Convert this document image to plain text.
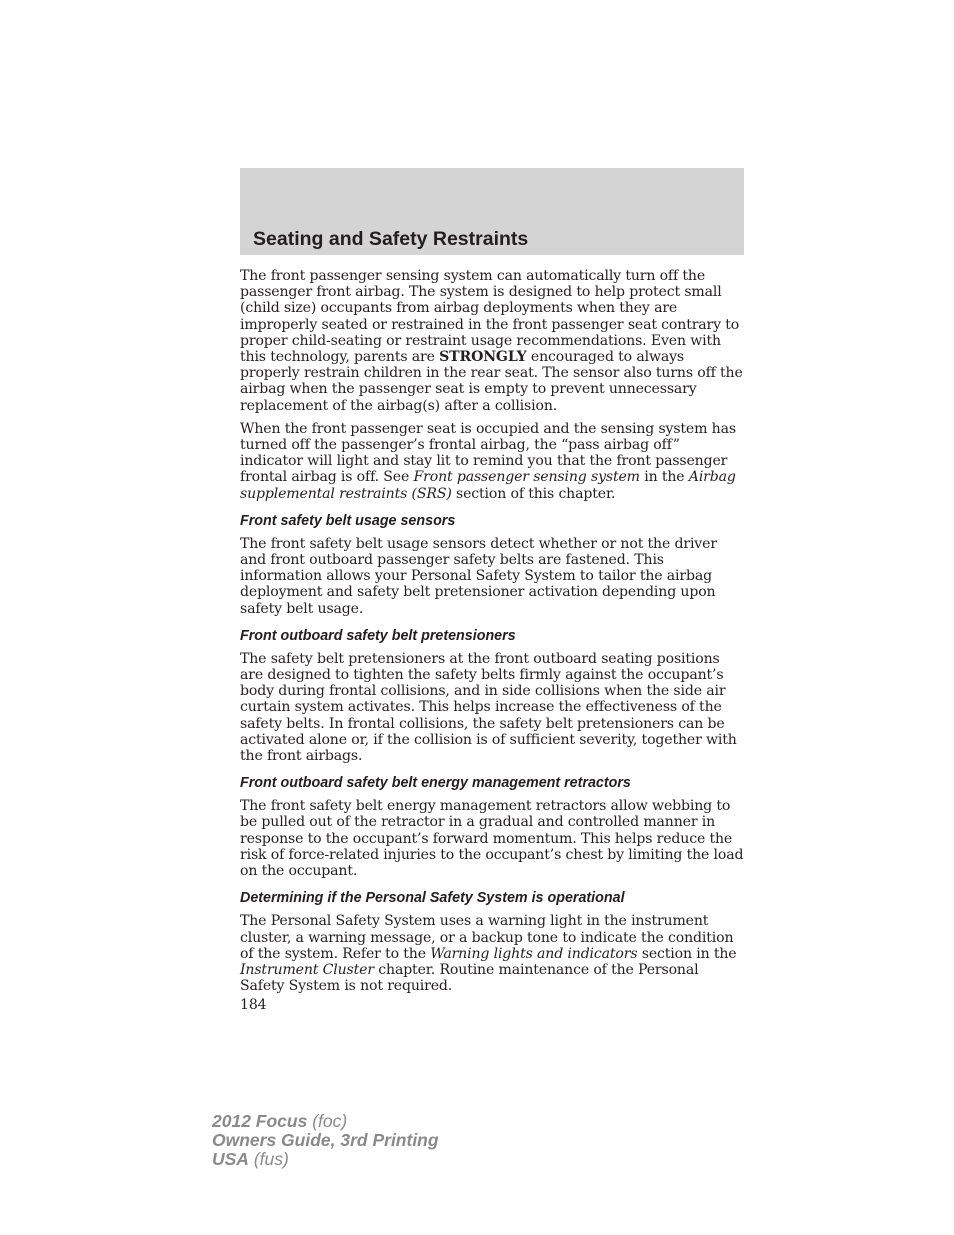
Seating and Safety Restraints

The front passenger sensing system can automatically turn off the passenger front airbag. The system is designed to help protect small (child size) occupants from airbag deployments when they are improperly seated or restrained in the front passenger seat contrary to proper child-seating or restraint usage recommendations. Even with this technology, parents are STRONGLY encouraged to always properly restrain children in the rear seat. The sensor also turns off the airbag when the passenger seat is empty to prevent unnecessary replacement of the airbag(s) after a collision.

When the front passenger seat is occupied and the sensing system has turned off the passenger’s frontal airbag, the “pass airbag off” indicator will light and stay lit to remind you that the front passenger frontal airbag is off. See Front passenger sensing system in the Airbag supplemental restraints (SRS) section of this chapter.

Front safety belt usage sensors

The front safety belt usage sensors detect whether or not the driver and front outboard passenger safety belts are fastened. This information allows your Personal Safety System to tailor the airbag deployment and safety belt pretensioner activation depending upon safety belt usage.

Front outboard safety belt pretensioners

The safety belt pretensioners at the front outboard seating positions are designed to tighten the safety belts firmly against the occupant’s body during frontal collisions, and in side collisions when the side air curtain system activates. This helps increase the effectiveness of the safety belts. In frontal collisions, the safety belt pretensioners can be activated alone or, if the collision is of sufficient severity, together with the front airbags.

Front outboard safety belt energy management retractors

The front safety belt energy management retractors allow webbing to be pulled out of the retractor in a gradual and controlled manner in response to the occupant’s forward momentum. This helps reduce the risk of force-related injuries to the occupant’s chest by limiting the load on the occupant.

Determining if the Personal Safety System is operational

The Personal Safety System uses a warning light in the instrument cluster, a warning message, or a backup tone to indicate the condition of the system. Refer to the Warning lights and indicators section in the Instrument Cluster chapter. Routine maintenance of the Personal Safety System is not required.

184
2012 Focus (foc)
Owners Guide, 3rd Printing
USA (fus)
